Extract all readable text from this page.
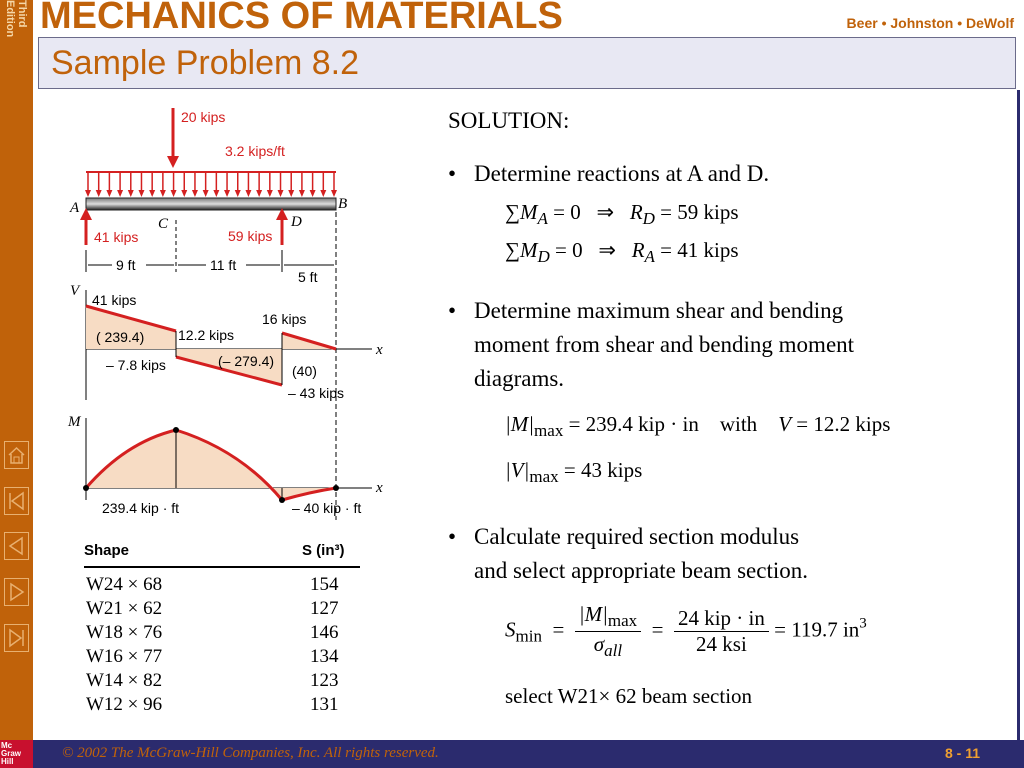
Third
Edition MECHANICS OF MATERIALS	Beer • Johnston • DeWolf
Sample Problem 8.2
20 kips
3.2 kips/ft
A	B
C	D
41 kips	59 kips
9 ft	11 ft
5 ft
V
x
41 kips
( 239.4) 12.2 kips
– 7.8 kips	(– 279.4)
16 kips
(40)
– 43 kips
M
x
239.4 kip · ft	– 40 kip · ft
Shape	S (in³)
W24 × 68	154
W21 × 62	127
W18 × 76	146
W16 × 77	134
W14 × 82	123
W12 × 96	131
SOLUTION:
• Determine reactions at A and D.
$\sum M_A = 0$ ⇒ $R_D = 59$ kips
$\sum M_D = 0$ ⇒ $R_A = 41$ kips
• Determine maximum shear and bending
moment from shear and bending moment
diagrams.
$|M|_{max} = 239.4$ kip · in with V = 12.2 kips
$|V|_{max} = 43$ kips
• Calculate required section modulus
and select appropriate beam section.
$S_{min} = \frac{|M|_{max}}{\sigma_{all}} = \frac{\text{24 kip · in}}{\text{24 ksi}} = 119.7$ $in^3$
select W21× 62 beam section
Mc
Graw
Hill
© 2002 The McGraw-Hill Companies, Inc. All rights reserved.	8 - 11
